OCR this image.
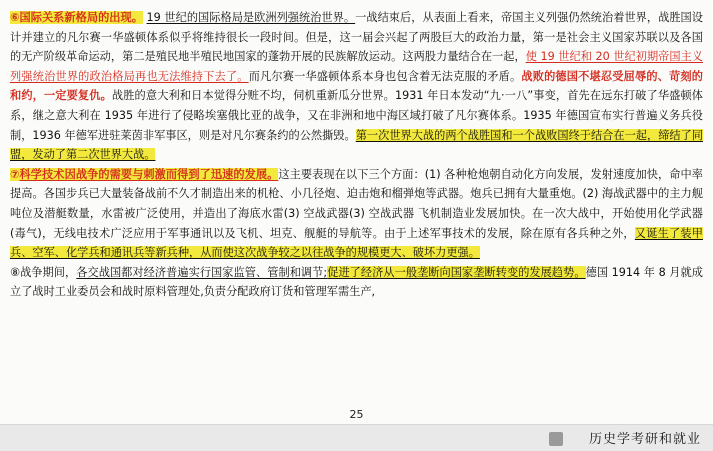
⑥国际关系新格局的出现。 19 世纪的国际格局是欧洲列强统治世界。一战结束后，从表面上看来，帝国主义列强仍然统治着世界，战胜国设计并建立的凡尔赛一华盛顿体系似乎将维持很长一段时间。但是，这一届会兴起了两股巨大的政治力量，第一是社会主义国家苏联以及各国的无产阶级革命运动，第二是殖民地半殖民地国家的蓬勃开展的民族解放运动。这两股力量结合在一起，使 19 世纪和 20 世纪初期帝国主义列强统治世界的政治格局再也无法维持下去了。而凡尔赛一华盛顿体系本身也包含着无法克服的矛盾。战败的德国不堪忍受屈辱的、苛刻的和约，一定要复仇。战胜的意大利和日本觉得分赃不均，伺机重新瓜分世界。1931 年日本发动“九·一八”事变，首先在远东打破了华盛顿体系，继之意大利在 1935 年进行了侵略埃塞俄比亚的战争，又在非洲和地中海区域打破了凡尔赛体系。1935 年德国宣布实行普遍义务兵役制，1936 年德军进驻莱茵非军事区，则是对凡尔赛条约的公然撕毁。第一次世界大战的两个战胜国和一个战败国终于结合在一起，缔结了同盟，发动了第二次世界大战。

⑦科学技术因战争的需要与刺激而得到了迅速的发展。这主要表现在以下三个方面：(1) 各种枪炮朝自动化方向发展，发射速度加快，命中率提高。各国步兵已大量装备战前不久才制造出来的机枪、小几径炮、迫击炮和榴弹炮等武器。炮兵已拥有大量重炮。(2) 海战武器中的主力舰吨位及潜艇数量，水雷被广泛使用，并造出了海底水雷(3) 空战武器(3) 空战武器 飞机制造业发展加快。在一次大战中，开始使用化学武器(毒气)，无线电技术广泛应用于军事通讯以及飞机、坦克、舰艇的导航等。由于上述军事技术的发展，除在原有各兵种之外，又诞生了装甲兵、空军、化学兵和通讯兵等新兵种，从而使这次战争较之以往战争的规模更大、破坏力更强。

⑧战争期间，各交战国都对经济普遍实行国家监管、管制和调节;促进了经济从一般垄断向国家垄断转变的发展趋势。德国 1914 年 8 月就成立了战时工业委员会和战时原料管理处,负责分配政府订货和管理军需生产,

25
历史学考研和就业
